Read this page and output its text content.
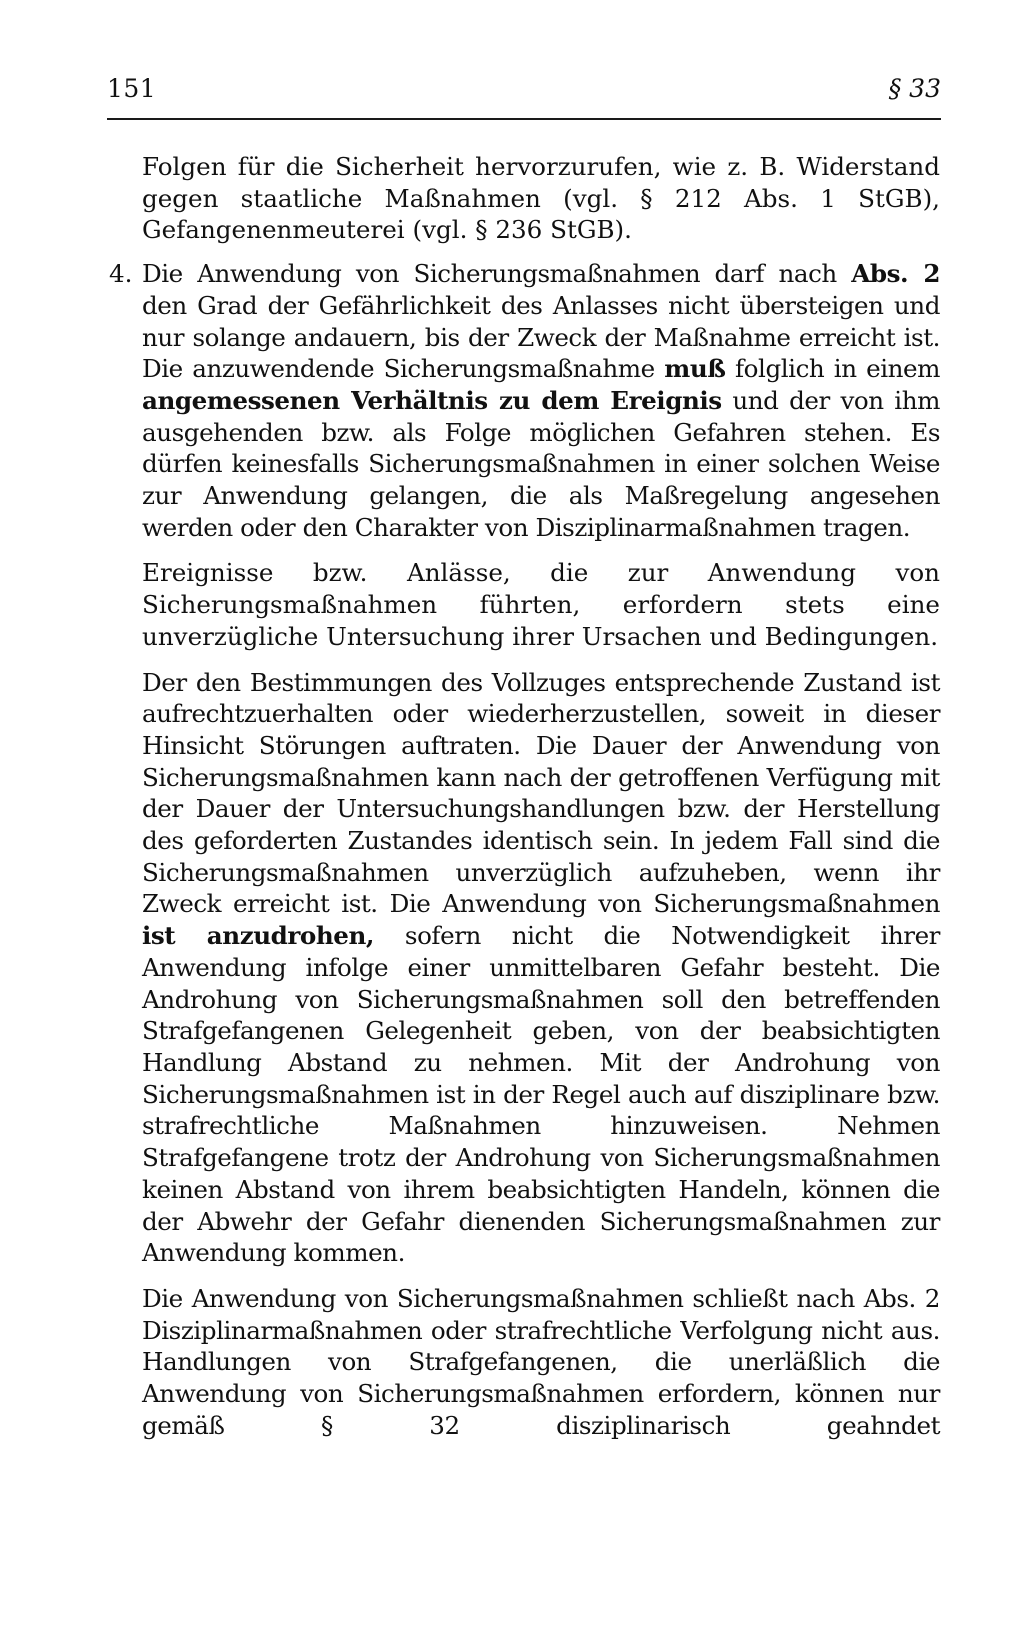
151	§ 33

Folgen für die Sicherheit hervorzurufen, wie z. B. Widerstand gegen staatliche Maßnahmen (vgl. § 212 Abs. 1 StGB), Gefangenenmeuterei (vgl. § 236 StGB).

4. Die Anwendung von Sicherungsmaßnahmen darf nach Abs. 2 den Grad der Gefährlichkeit des Anlasses nicht übersteigen und nur solange andauern, bis der Zweck der Maßnahme erreicht ist. Die anzuwendende Sicherungsmaßnahme muß folglich in einem angemessenen Verhältnis zu dem Ereignis und der von ihm ausgehenden bzw. als Folge möglichen Gefahren stehen. Es dürfen keinesfalls Sicherungsmaßnahmen in einer solchen Weise zur Anwendung gelangen, die als Maßregelung angesehen werden oder den Charakter von Disziplinarmaßnahmen tragen.

Ereignisse bzw. Anlässe, die zur Anwendung von Sicherungsmaßnahmen führten, erfordern stets eine unverzügliche Untersuchung ihrer Ursachen und Bedingungen.

Der den Bestimmungen des Vollzuges entsprechende Zustand ist aufrechtzuerhalten oder wiederherzustellen, soweit in dieser Hinsicht Störungen auftraten. Die Dauer der Anwendung von Sicherungsmaßnahmen kann nach der getroffenen Verfügung mit der Dauer der Untersuchungshandlungen bzw. der Herstellung des geforderten Zustandes identisch sein. In jedem Fall sind die Sicherungsmaßnahmen unverzüglich aufzuheben, wenn ihr Zweck erreicht ist. Die Anwendung von Sicherungsmaßnahmen ist anzudrohen, sofern nicht die Notwendigkeit ihrer Anwendung infolge einer unmittelbaren Gefahr besteht. Die Androhung von Sicherungsmaßnahmen soll den betreffenden Strafgefangenen Gelegenheit geben, von der beabsichtigten Handlung Abstand zu nehmen. Mit der Androhung von Sicherungsmaßnahmen ist in der Regel auch auf disziplinare bzw. strafrechtliche Maßnahmen hinzuweisen. Nehmen Strafgefangene trotz der Androhung von Sicherungsmaßnahmen keinen Abstand von ihrem beabsichtigten Handeln, können die der Abwehr der Gefahr dienenden Sicherungsmaßnahmen zur Anwendung kommen.

Die Anwendung von Sicherungsmaßnahmen schließt nach Abs. 2 Disziplinarmaßnahmen oder strafrechtliche Verfolgung nicht aus. Handlungen von Strafgefangenen, die unerläßlich die Anwendung von Sicherungsmaßnahmen erfordern, können nur gemäß § 32 disziplinarisch geahndet
